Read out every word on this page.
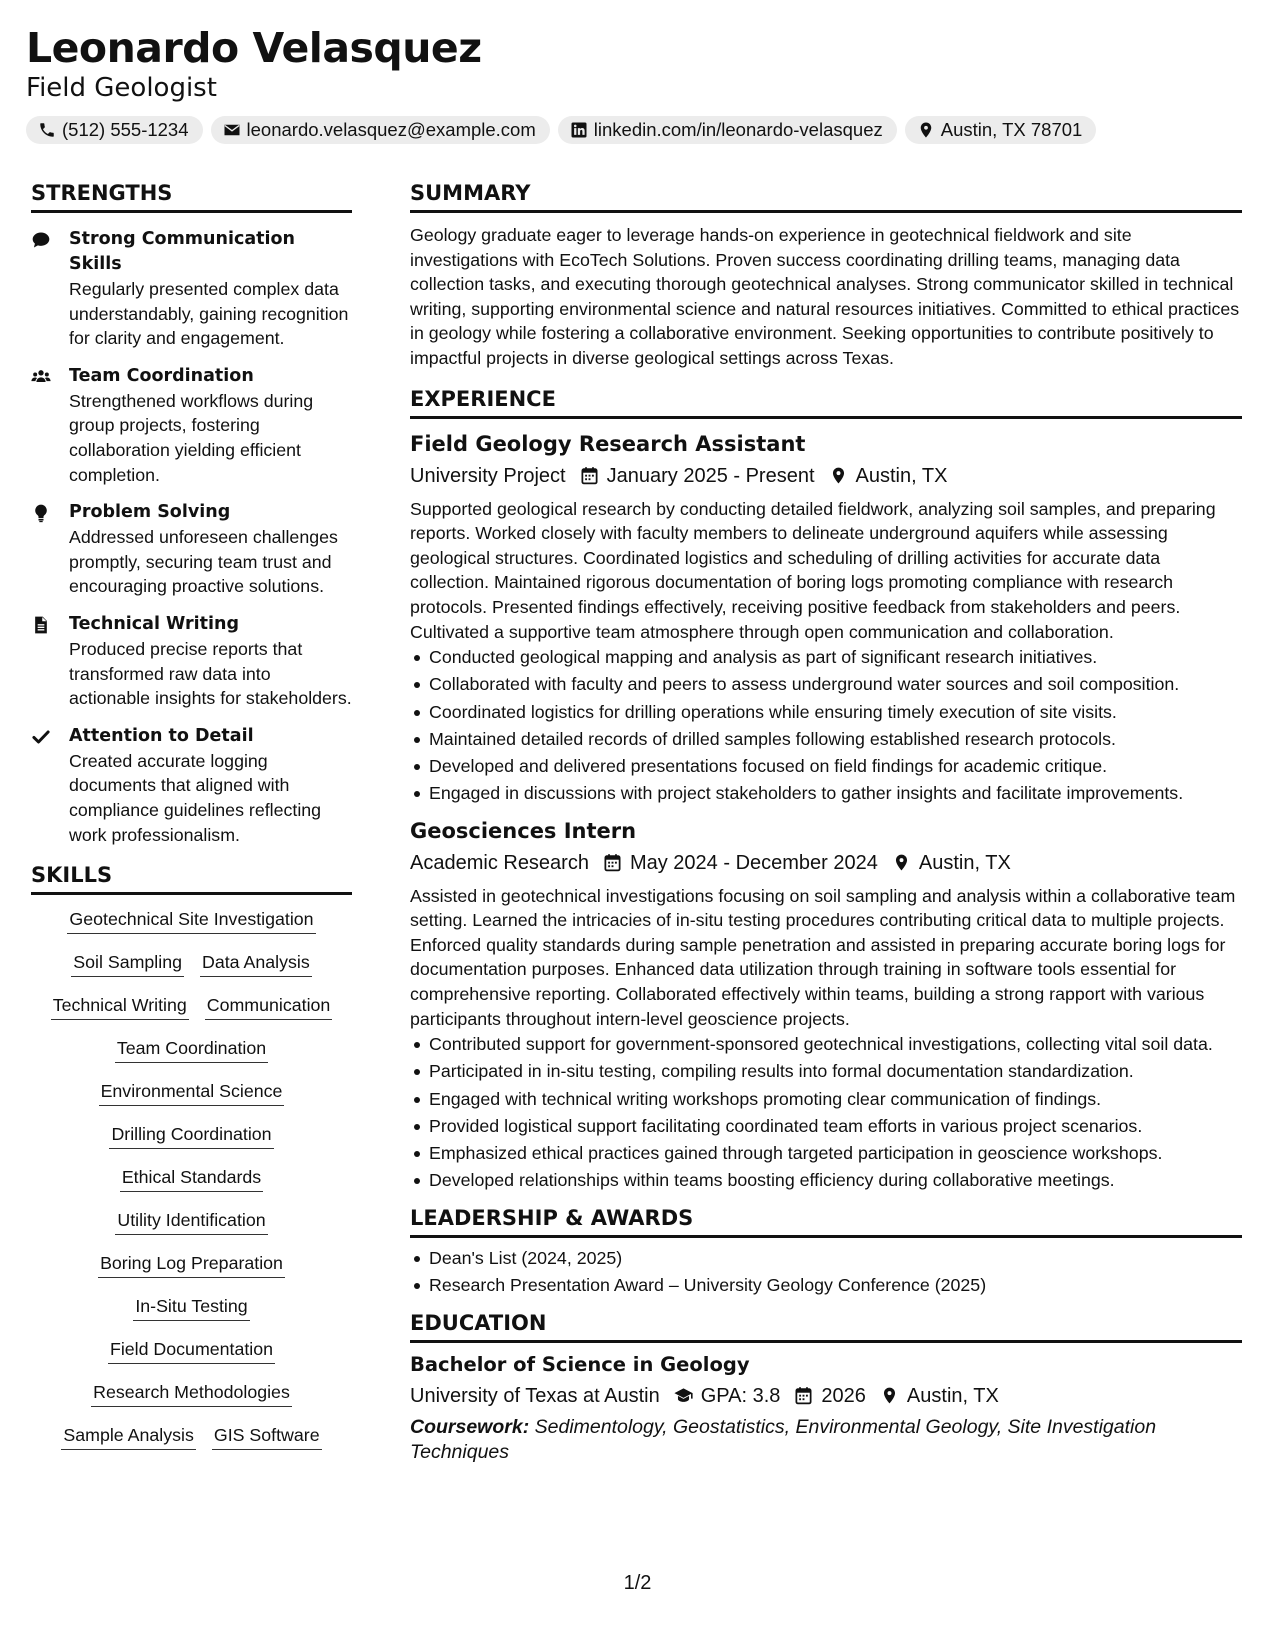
Leonardo Velasquez
Field Geologist
(512) 555-1234	leonardo.velasquez@example.com	linkedin.com/in/leonardo-velasquez	Austin, TX 78701
STRENGTHS
Strong Communication Skills
Regularly presented complex data understandably, gaining recognition for clarity and engagement.
Team Coordination
Strengthened workflows during group projects, fostering collaboration yielding efficient completion.
Problem Solving
Addressed unforeseen challenges promptly, securing team trust and encouraging proactive solutions.
Technical Writing
Produced precise reports that transformed raw data into actionable insights for stakeholders.
Attention to Detail
Created accurate logging documents that aligned with compliance guidelines reflecting work professionalism.
SKILLS
Geotechnical Site Investigation
Soil Sampling Data Analysis
Technical Writing Communication
Team Coordination
Environmental Science
Drilling Coordination
Ethical Standards
Utility Identification
Boring Log Preparation
In-Situ Testing
Field Documentation
Research Methodologies
Sample Analysis GIS Software
SUMMARY
Geology graduate eager to leverage hands-on experience in geotechnical fieldwork and site investigations with EcoTech Solutions. Proven success coordinating drilling teams, managing data collection tasks, and executing thorough geotechnical analyses. Strong communicator skilled in technical writing, supporting environmental science and natural resources initiatives. Committed to ethical practices in geology while fostering a collaborative environment. Seeking opportunities to contribute positively to impactful projects in diverse geological settings across Texas.
EXPERIENCE
Field Geology Research Assistant
University Project January 2025 - Present Austin, TX
Supported geological research by conducting detailed fieldwork, analyzing soil samples, and preparing reports. Worked closely with faculty members to delineate underground aquifers while assessing geological structures. Coordinated logistics and scheduling of drilling activities for accurate data collection. Maintained rigorous documentation of boring logs promoting compliance with research protocols. Presented findings effectively, receiving positive feedback from stakeholders and peers. Cultivated a supportive team atmosphere through open communication and collaboration.
Conducted geological mapping and analysis as part of significant research initiatives.
Collaborated with faculty and peers to assess underground water sources and soil composition.
Coordinated logistics for drilling operations while ensuring timely execution of site visits.
Maintained detailed records of drilled samples following established research protocols.
Developed and delivered presentations focused on field findings for academic critique.
Engaged in discussions with project stakeholders to gather insights and facilitate improvements.
Geosciences Intern
Academic Research May 2024 - December 2024 Austin, TX
Assisted in geotechnical investigations focusing on soil sampling and analysis within a collaborative team setting. Learned the intricacies of in-situ testing procedures contributing critical data to multiple projects. Enforced quality standards during sample penetration and assisted in preparing accurate boring logs for documentation purposes. Enhanced data utilization through training in software tools essential for comprehensive reporting. Collaborated effectively within teams, building a strong rapport with various participants throughout intern-level geoscience projects.
Contributed support for government-sponsored geotechnical investigations, collecting vital soil data.
Participated in in-situ testing, compiling results into formal documentation standardization.
Engaged with technical writing workshops promoting clear communication of findings.
Provided logistical support facilitating coordinated team efforts in various project scenarios.
Emphasized ethical practices gained through targeted participation in geoscience workshops.
Developed relationships within teams boosting efficiency during collaborative meetings.
LEADERSHIP & AWARDS
Dean's List (2024, 2025)
Research Presentation Award – University Geology Conference (2025)
EDUCATION
Bachelor of Science in Geology
University of Texas at Austin GPA: 3.8 2026 Austin, TX
Coursework: Sedimentology, Geostatistics, Environmental Geology, Site Investigation Techniques
1/2
